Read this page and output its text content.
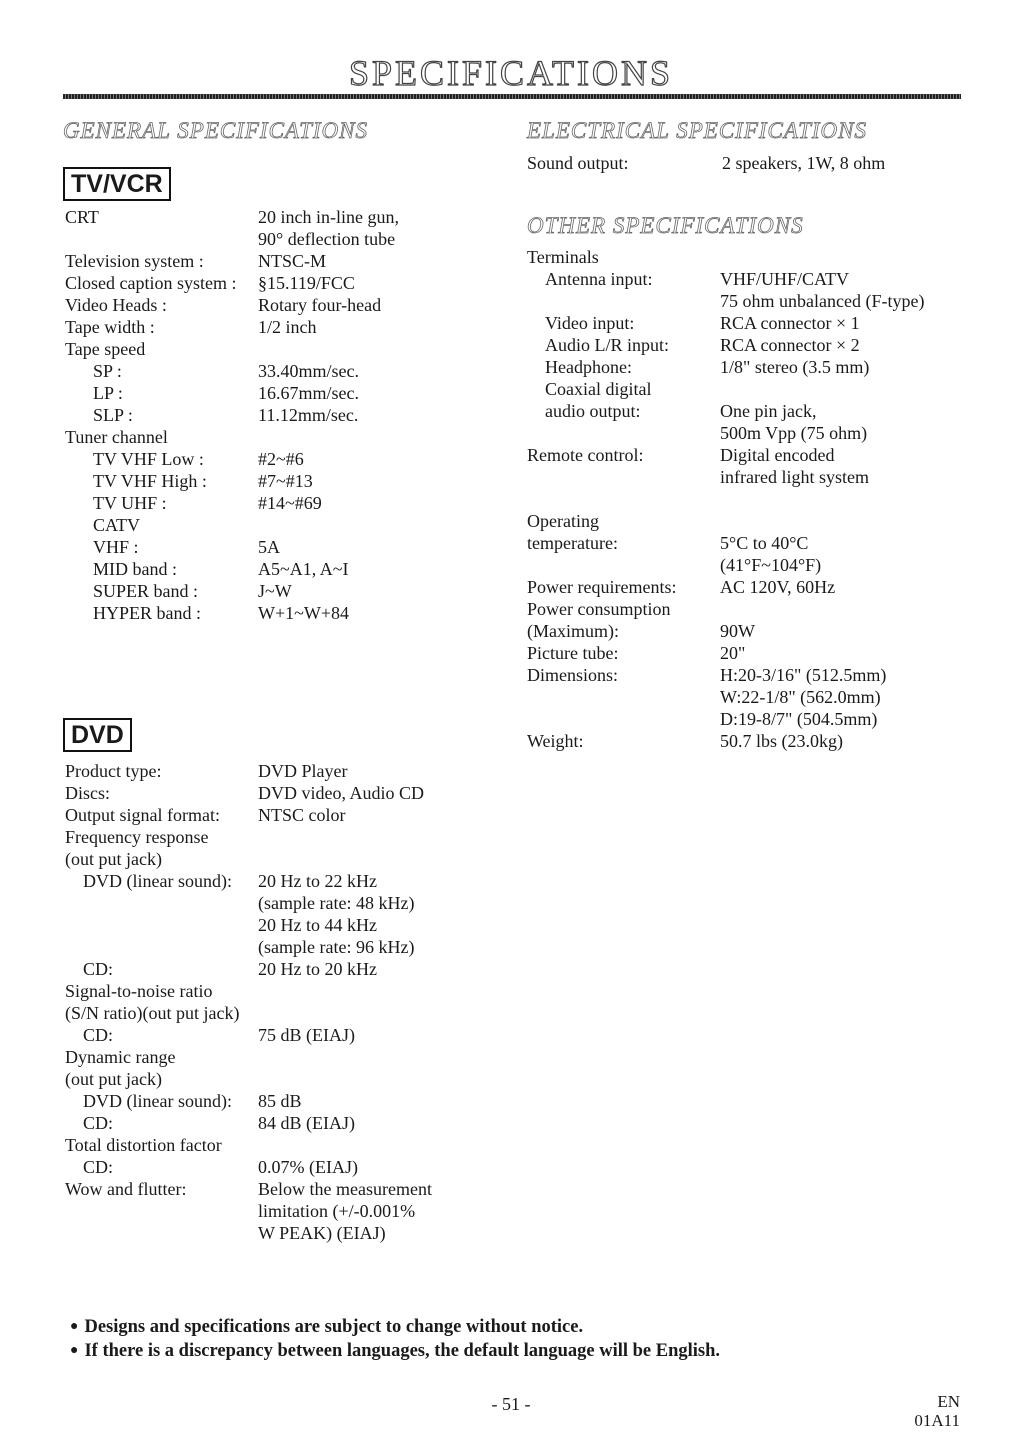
SPECIFICATIONS
GENERAL SPECIFICATIONS
TV/VCR
CRT	20 inch in-line gun,
90° deflection tube
Television system :	NTSC-M
Closed caption system :	§15.119/FCC
Video Heads :	Rotary four-head
Tape width :	1/2 inch
Tape speed
SP :	33.40mm/sec.
LP :	16.67mm/sec.
SLP :	11.12mm/sec.
Tuner channel
TV VHF Low :	#2~#6
TV VHF High :	#7~#13
TV UHF :	#14~#69
CATV
VHF :	5A
MID band :	A5~A1, A~I
SUPER band :	J~W
HYPER band :	W+1~W+84
DVD
Product type:	DVD Player
Discs:	DVD video, Audio CD
Output signal format:	NTSC color
Frequency response
(out put jack)
DVD (linear sound):	20 Hz to 22 kHz
(sample rate: 48 kHz)
20 Hz to 44 kHz
(sample rate: 96 kHz)
CD:	20 Hz to 20 kHz
Signal-to-noise ratio
(S/N ratio)(out put jack)
CD:	75 dB (EIAJ)
Dynamic range
(out put jack)
DVD (linear sound):	85 dB
CD:	84 dB (EIAJ)
Total distortion factor
CD:	0.07% (EIAJ)
Wow and flutter:	Below the measurement
limitation (+/-0.001%
W PEAK) (EIAJ)
ELECTRICAL SPECIFICATIONS
Sound output:	2 speakers, 1W, 8 ohm
OTHER SPECIFICATIONS
Terminals
Antenna input:	VHF/UHF/CATV
75 ohm unbalanced (F-type)
Video input:	RCA connector × 1
Audio L/R input:	RCA connector × 2
Headphone:	1/8" stereo (3.5 mm)
Coaxial digital
audio output:	One pin jack,
500m Vpp (75 ohm)
Remote control:	Digital encoded
infrared light system
Operating
temperature:	5°C to 40°C
(41°F~104°F)
Power requirements:	AC 120V, 60Hz
Power consumption
(Maximum):	90W
Picture tube:	20"
Dimensions:	H:20-3/16" (512.5mm)
W:22-1/8" (562.0mm)
D:19-8/7" (504.5mm)
Weight:	50.7 lbs (23.0kg)
● Designs and specifications are subject to change without notice.
● If there is a discrepancy between languages, the default language will be English.
- 51 -	EN
01A11
